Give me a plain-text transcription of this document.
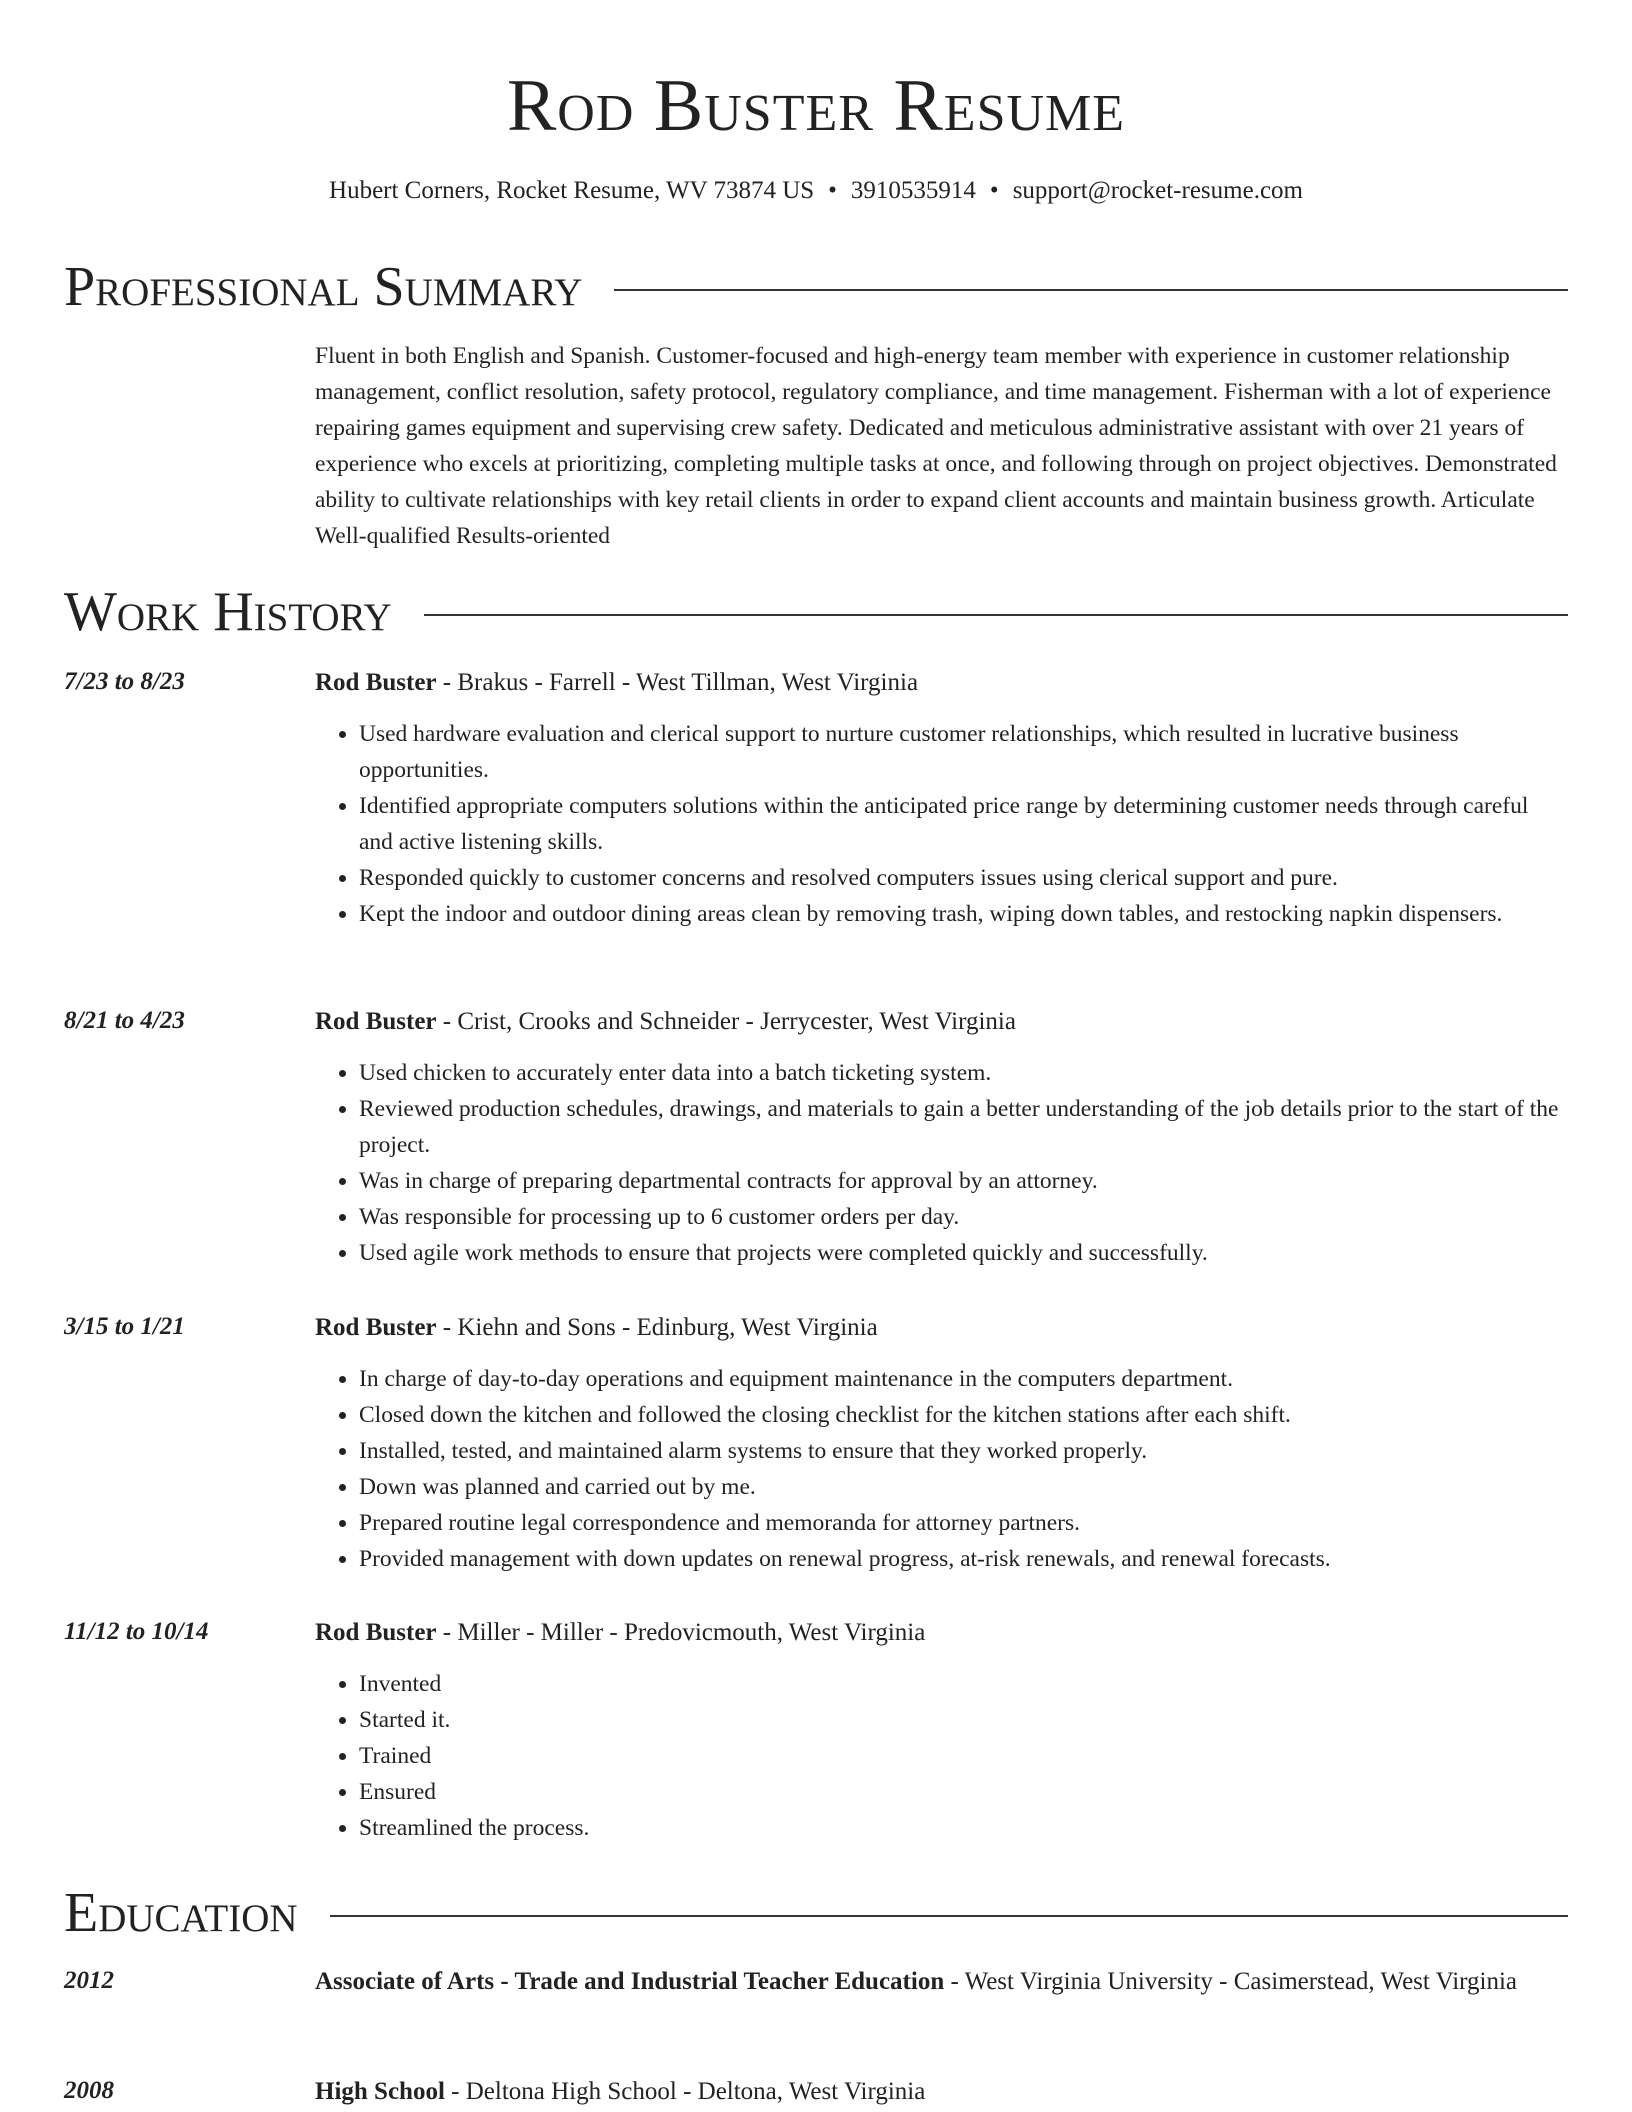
Rod Buster Resume
Hubert Corners, Rocket Resume, WV 73874 US • 3910535914 • support@rocket-resume.com
Professional Summary
Fluent in both English and Spanish. Customer-focused and high-energy team member with experience in customer relationship management, conflict resolution, safety protocol, regulatory compliance, and time management. Fisherman with a lot of experience repairing games equipment and supervising crew safety. Dedicated and meticulous administrative assistant with over 21 years of experience who excels at prioritizing, completing multiple tasks at once, and following through on project objectives. Demonstrated ability to cultivate relationships with key retail clients in order to expand client accounts and maintain business growth. Articulate Well-qualified Results-oriented
Work History
7/23 to 8/23	Rod Buster - Brakus - Farrell - West Tillman, West Virginia
• Used hardware evaluation and clerical support to nurture customer relationships, which resulted in lucrative business opportunities.
• Identified appropriate computers solutions within the anticipated price range by determining customer needs through careful and active listening skills.
• Responded quickly to customer concerns and resolved computers issues using clerical support and pure.
• Kept the indoor and outdoor dining areas clean by removing trash, wiping down tables, and restocking napkin dispensers.
8/21 to 4/23	Rod Buster - Crist, Crooks and Schneider - Jerrycester, West Virginia
• Used chicken to accurately enter data into a batch ticketing system.
• Reviewed production schedules, drawings, and materials to gain a better understanding of the job details prior to the start of the project.
• Was in charge of preparing departmental contracts for approval by an attorney.
• Was responsible for processing up to 6 customer orders per day.
• Used agile work methods to ensure that projects were completed quickly and successfully.
3/15 to 1/21	Rod Buster - Kiehn and Sons - Edinburg, West Virginia
• In charge of day-to-day operations and equipment maintenance in the computers department.
• Closed down the kitchen and followed the closing checklist for the kitchen stations after each shift.
• Installed, tested, and maintained alarm systems to ensure that they worked properly.
• Down was planned and carried out by me.
• Prepared routine legal correspondence and memoranda for attorney partners.
• Provided management with down updates on renewal progress, at-risk renewals, and renewal forecasts.
11/12 to 10/14	Rod Buster - Miller - Miller - Predovicmouth, West Virginia
• Invented
• Started it.
• Trained
• Ensured
• Streamlined the process.
Education
2012	Associate of Arts - Trade and Industrial Teacher Education - West Virginia University - Casimerstead, West Virginia
2008	High School - Deltona High School - Deltona, West Virginia
